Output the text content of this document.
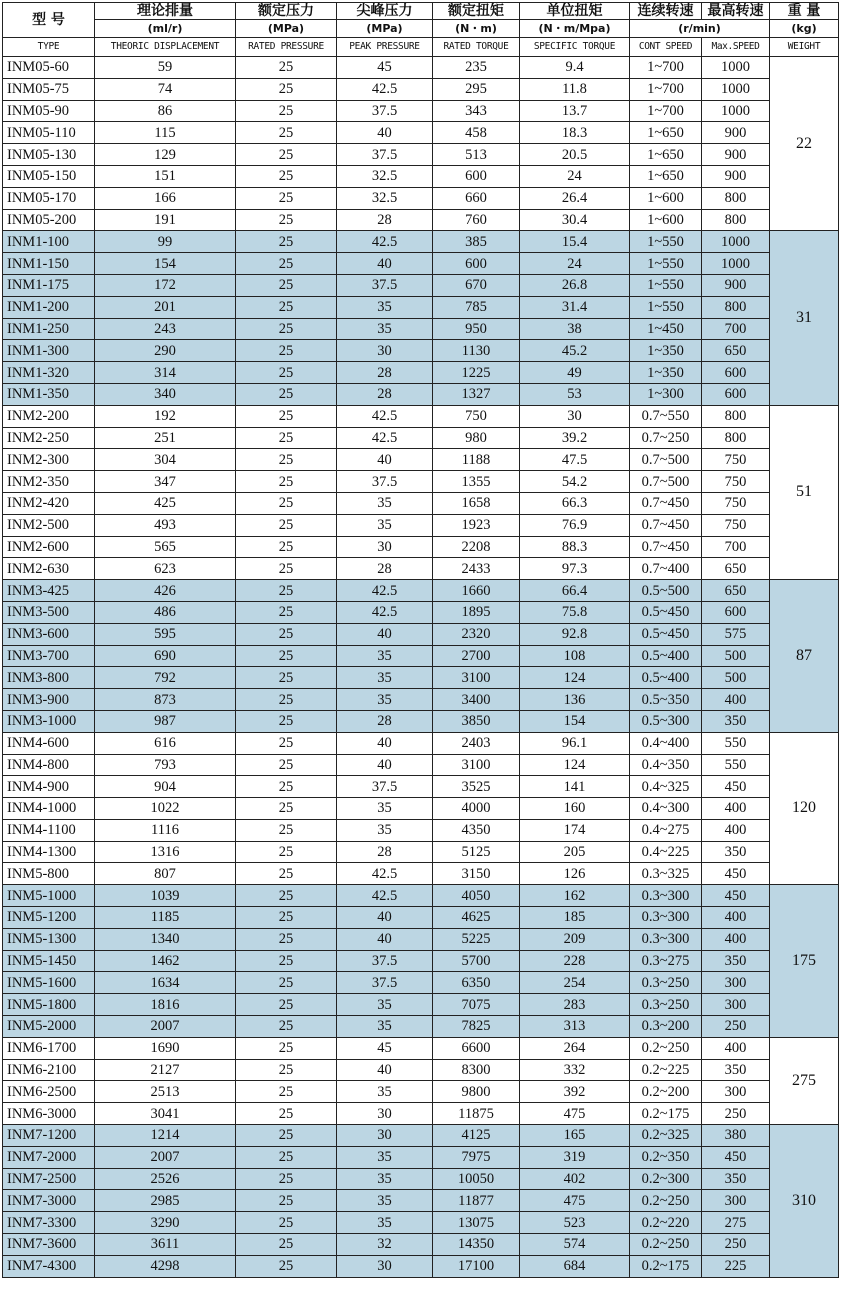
型 号	理论排量	额定压力	尖峰压力	额定扭矩	单位扭矩	连续转速	最高转速	重 量
	(ml/r)	(MPa)	(MPa)	(N・m)	(N・m/Mpa)	(r/min)		(kg)
TYPE	THEORIC DISPLACEMENT	RATED PRESSURE	PEAK PRESSURE	RATED TORQUE	SPECIFIC TORQUE	CONT SPEED	Max.SPEED	WEIGHT
INM05-60	59	25	45	235	9.4	1~700	1000	22
INM05-75	74	25	42.5	295	11.8	1~700	1000	
INM05-90	86	25	37.5	343	13.7	1~700	1000	
INM05-110	115	25	40	458	18.3	1~650	900	
INM05-130	129	25	37.5	513	20.5	1~650	900	
INM05-150	151	25	32.5	600	24	1~650	900	
INM05-170	166	25	32.5	660	26.4	1~600	800	
INM05-200	191	25	28	760	30.4	1~600	800	
INM1-100	99	25	42.5	385	15.4	1~550	1000	31
INM1-150	154	25	40	600	24	1~550	1000	
INM1-175	172	25	37.5	670	26.8	1~550	900	
INM1-200	201	25	35	785	31.4	1~550	800	
INM1-250	243	25	35	950	38	1~450	700	
INM1-300	290	25	30	1130	45.2	1~350	650	
INM1-320	314	25	28	1225	49	1~350	600	
INM1-350	340	25	28	1327	53	1~300	600	
INM2-200	192	25	42.5	750	30	0.7~550	800	51
INM2-250	251	25	42.5	980	39.2	0.7~250	800	
INM2-300	304	25	40	1188	47.5	0.7~500	750	
INM2-350	347	25	37.5	1355	54.2	0.7~500	750	
INM2-420	425	25	35	1658	66.3	0.7~450	750	
INM2-500	493	25	35	1923	76.9	0.7~450	750	
INM2-600	565	25	30	2208	88.3	0.7~450	700	
INM2-630	623	25	28	2433	97.3	0.7~400	650	
INM3-425	426	25	42.5	1660	66.4	0.5~500	650	87
INM3-500	486	25	42.5	1895	75.8	0.5~450	600	
INM3-600	595	25	40	2320	92.8	0.5~450	575	
INM3-700	690	25	35	2700	108	0.5~400	500	
INM3-800	792	25	35	3100	124	0.5~400	500	
INM3-900	873	25	35	3400	136	0.5~350	400	
INM3-1000	987	25	28	3850	154	0.5~300	350	
INM4-600	616	25	40	2403	96.1	0.4~400	550	120
INM4-800	793	25	40	3100	124	0.4~350	550	
INM4-900	904	25	37.5	3525	141	0.4~325	450	
INM4-1000	1022	25	35	4000	160	0.4~300	400	
INM4-1100	1116	25	35	4350	174	0.4~275	400	
INM4-1300	1316	25	28	5125	205	0.4~225	350	
INM5-800	807	25	42.5	3150	126	0.3~325	450	
INM5-1000	1039	25	42.5	4050	162	0.3~300	450	175
INM5-1200	1185	25	40	4625	185	0.3~300	400	
INM5-1300	1340	25	40	5225	209	0.3~300	400	
INM5-1450	1462	25	37.5	5700	228	0.3~275	350	
INM5-1600	1634	25	37.5	6350	254	0.3~250	300	
INM5-1800	1816	25	35	7075	283	0.3~250	300	
INM5-2000	2007	25	35	7825	313	0.3~200	250	
INM6-1700	1690	25	45	6600	264	0.2~250	400	275
INM6-2100	2127	25	40	8300	332	0.2~225	350	
INM6-2500	2513	25	35	9800	392	0.2~200	300	
INM6-3000	3041	25	30	11875	475	0.2~175	250	
INM7-1200	1214	25	30	4125	165	0.2~325	380	310
INM7-2000	2007	25	35	7975	319	0.2~350	450	
INM7-2500	2526	25	35	10050	402	0.2~300	350	
INM7-3000	2985	25	35	11877	475	0.2~250	300	
INM7-3300	3290	25	35	13075	523	0.2~220	275	
INM7-3600	3611	25	32	14350	574	0.2~250	250	
INM7-4300	4298	25	30	17100	684	0.2~175	225	
